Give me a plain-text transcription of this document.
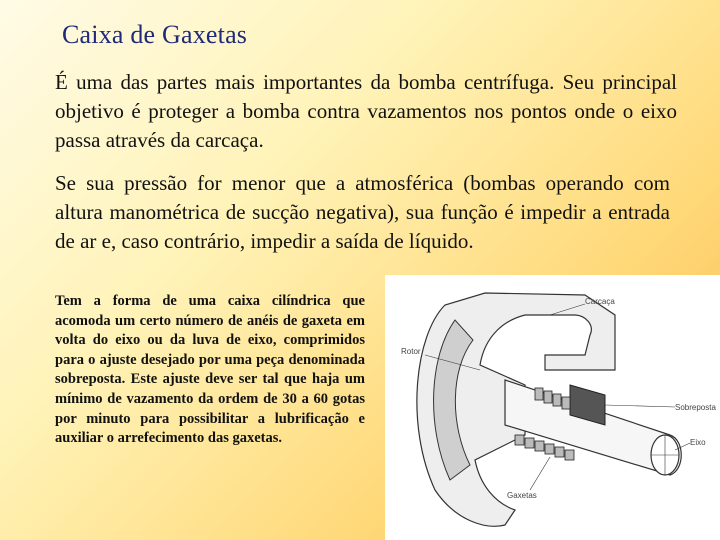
Caixa de Gaxetas
É uma das partes mais importantes da bomba centrífuga. Seu principal objetivo é proteger a bomba contra vazamentos nos pontos onde o eixo passa através da carcaça.
Se sua pressão for menor que a atmosférica (bombas operando com altura manométrica de sucção negativa), sua função é impedir a entrada de ar e, caso contrário, impedir a saída de líquido.
Tem a forma de uma caixa cilíndrica que acomoda um certo número de anéis de gaxeta em volta do eixo ou da luva de eixo, comprimidos para o ajuste desejado por uma peça denominada sobreposta. Este ajuste deve ser tal que haja um mínimo de vazamento da ordem de 30 a 60 gotas por minuto para possibilitar a lubrificação e auxiliar o arrefecimento das gaxetas.
Carcaça
Rotor
Sobreposta
Eixo
Gaxetas
